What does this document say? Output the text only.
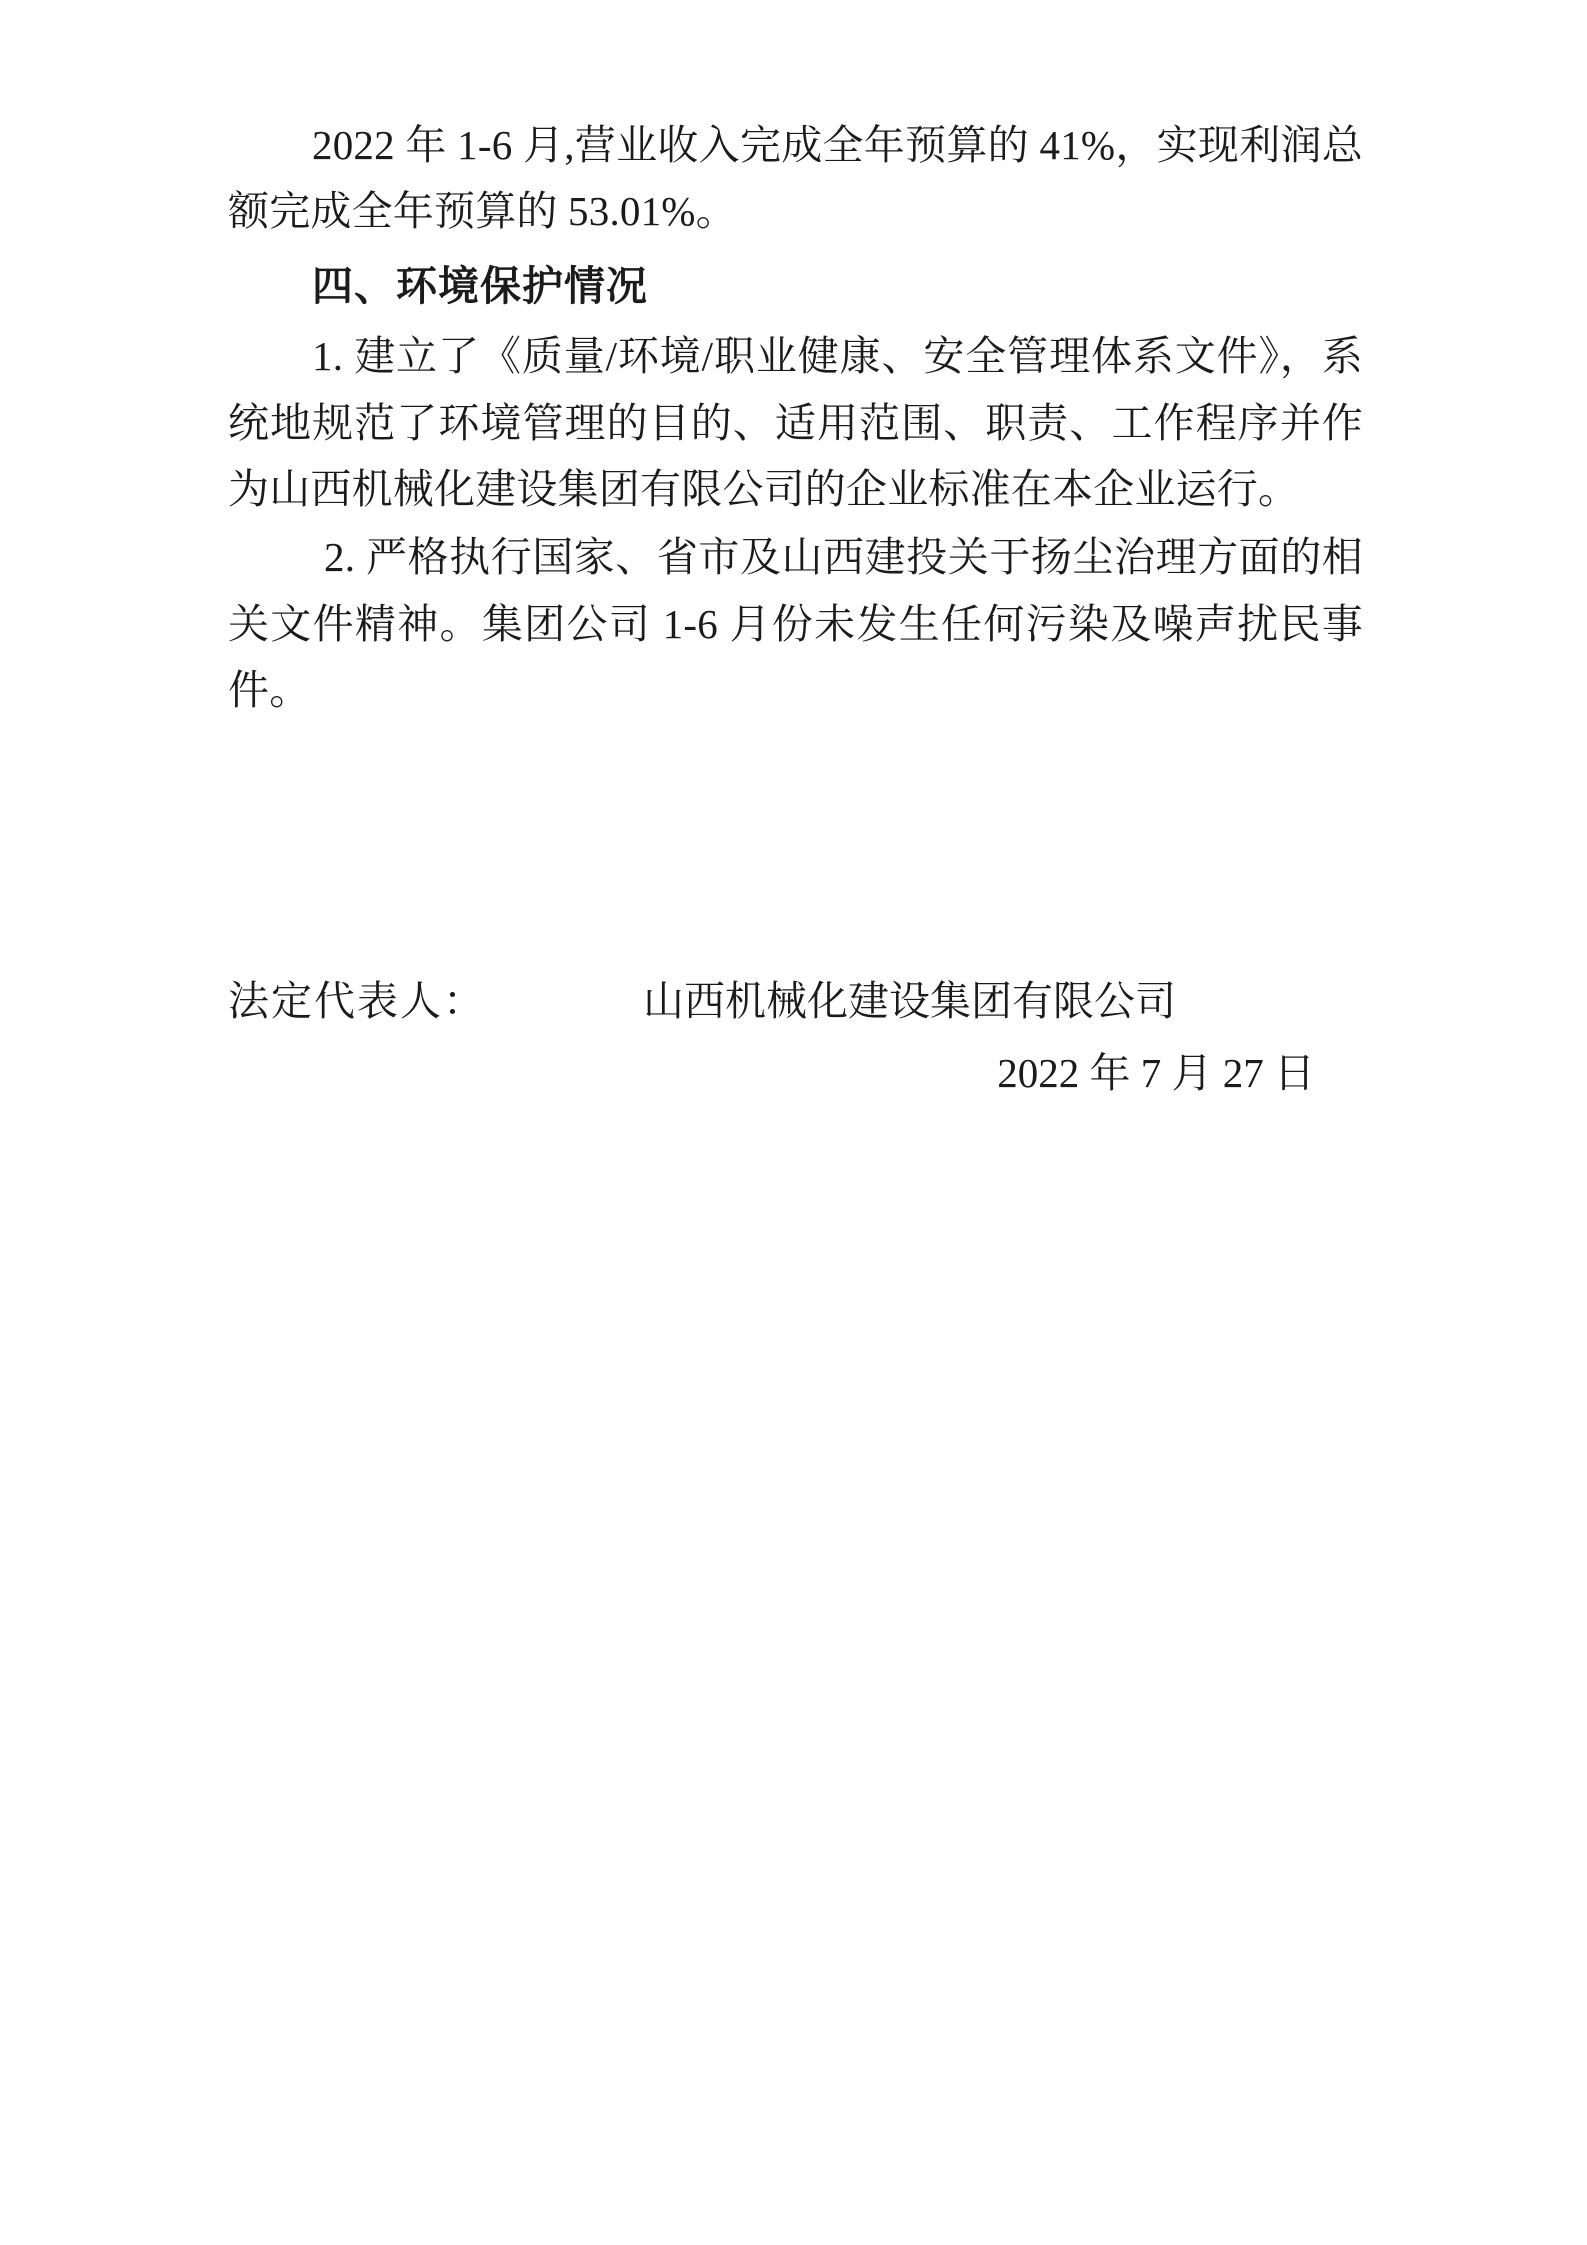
2022 年 1-6 月,营业收入完成全年预算的 41%，实现利润总额完成全年预算的 53.01%。

四、环境保护情况

1. 建立了《质量/环境/职业健康、安全管理体系文件》，系统地规范了环境管理的目的、适用范围、职责、工作程序并作为山西机械化建设集团有限公司的企业标准在本企业运行。

2. 严格执行国家、省市及山西建投关于扬尘治理方面的相关文件精神。集团公司 1-6 月份未发生任何污染及噪声扰民事件。

法定代表人：	山西机械化建设集团有限公司
2022 年 7 月 27 日
